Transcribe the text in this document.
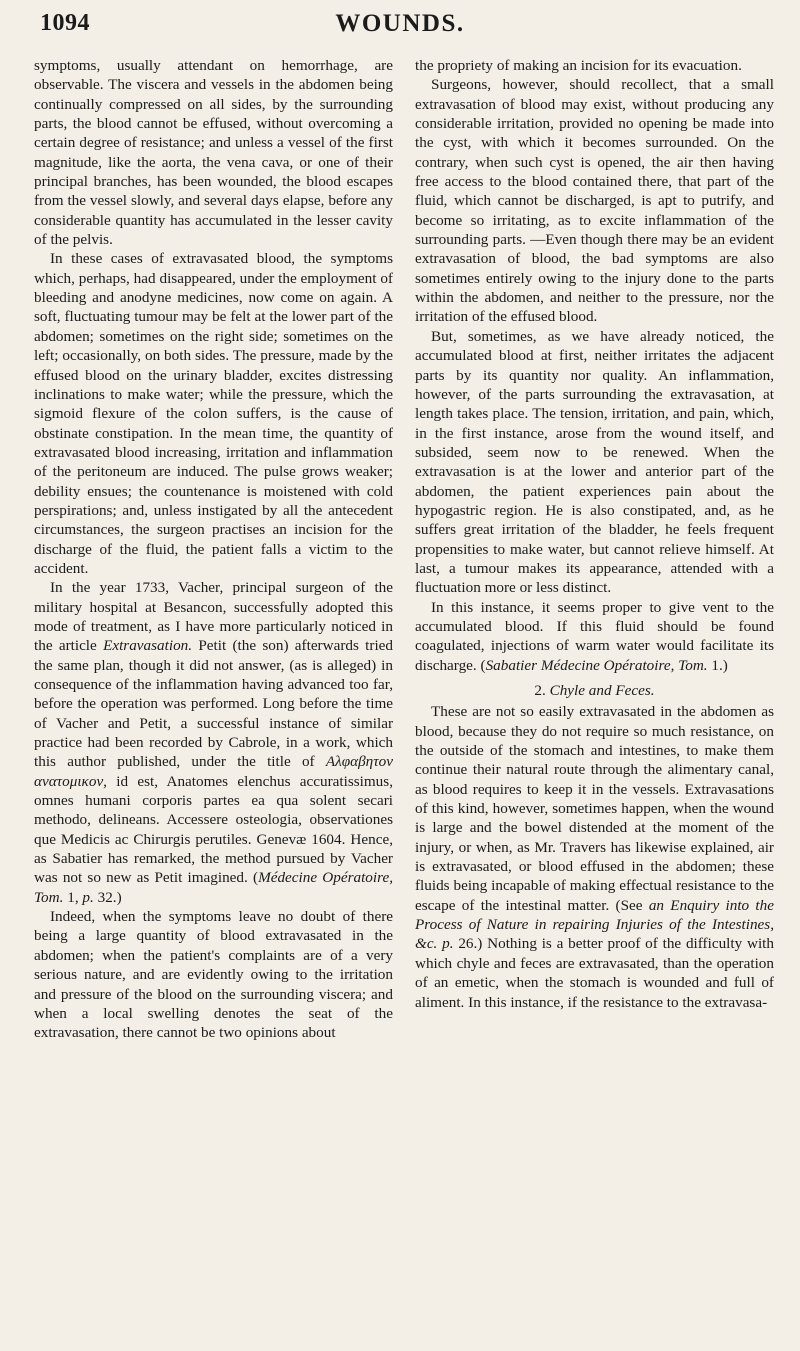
1094	WOUNDS.

symptoms, usually attendant on hemorrhage, are observable. The viscera and vessels in the abdomen being continually compressed on all sides, by the surrounding parts, the blood cannot be effused, without overcoming a certain degree of resistance; and unless a vessel of the first magnitude, like the aorta, the vena cava, or one of their principal branches, has been wounded, the blood escapes from the vessel slowly, and several days elapse, before any considerable quantity has accumulated in the lesser cavity of the pelvis.

In these cases of extravasated blood, the symptoms which, perhaps, had disappeared, under the employment of bleeding and anodyne medicines, now come on again. A soft, fluctuating tumour may be felt at the lower part of the abdomen; sometimes on the right side; sometimes on the left; occasionally, on both sides. The pressure, made by the effused blood on the urinary bladder, excites distressing inclinations to make water; while the pressure, which the sigmoid flexure of the colon suffers, is the cause of obstinate constipation. In the mean time, the quantity of extravasated blood increasing, irritation and inflammation of the peritoneum are induced. The pulse grows weaker; debility ensues; the countenance is moistened with cold perspirations; and, unless instigated by all the antecedent circumstances, the surgeon practises an incision for the discharge of the fluid, the patient falls a victim to the accident.

In the year 1733, Vacher, principal surgeon of the military hospital at Besancon, successfully adopted this mode of treatment, as I have more particularly noticed in the article Extravasation. Petit (the son) afterwards tried the same plan, though it did not answer, (as is alleged) in consequence of the inflammation having advanced too far, before the operation was performed. Long before the time of Vacher and Petit, a successful instance of similar practice had been recorded by Cabrole, in a work, which this author published, under the title of Αλφαβητον ανατομικον, id est, Anatomes elenchus accuratissimus, omnes humani corporis partes ea qua solent secari methodo, delineans. Accessere osteologia, observationes que Medicis ac Chirurgis perutiles. Genevæ 1604. Hence, as Sabatier has remarked, the method pursued by Vacher was not so new as Petit imagined. (Médecine Opératoire, Tom. 1, p. 32.)

Indeed, when the symptoms leave no doubt of there being a large quantity of blood extravasated in the abdomen; when the patient's complaints are of a very serious nature, and are evidently owing to the irritation and pressure of the blood on the surrounding viscera; and when a local swelling denotes the seat of the extravasation, there cannot be two opinions about

the propriety of making an incision for its evacuation.

Surgeons, however, should recollect, that a small extravasation of blood may exist, without producing any considerable irritation, provided no opening be made into the cyst, with which it becomes surrounded. On the contrary, when such cyst is opened, the air then having free access to the blood contained there, that part of the fluid, which cannot be discharged, is apt to putrify, and become so irritating, as to excite inflammation of the surrounding parts. —Even though there may be an evident extravasation of blood, the bad symptoms are also sometimes entirely owing to the injury done to the parts within the abdomen, and neither to the pressure, nor the irritation of the effused blood.

But, sometimes, as we have already noticed, the accumulated blood at first, neither irritates the adjacent parts by its quantity nor quality. An inflammation, however, of the parts surrounding the extravasation, at length takes place. The tension, irritation, and pain, which, in the first instance, arose from the wound itself, and subsided, seem now to be renewed. When the extravasation is at the lower and anterior part of the abdomen, the patient experiences pain about the hypogastric region. He is also constipated, and, as he suffers great irritation of the bladder, he feels frequent propensities to make water, but cannot relieve himself. At last, a tumour makes its appearance, attended with a fluctuation more or less distinct.

In this instance, it seems proper to give vent to the accumulated blood. If this fluid should be found coagulated, injections of warm water would facilitate its discharge. (Sabatier Médecine Opératoire, Tom. 1.)

2. Chyle and Feces.

These are not so easily extravasated in the abdomen as blood, because they do not require so much resistance, on the outside of the stomach and intestines, to make them continue their natural route through the alimentary canal, as blood requires to keep it in the vessels. Extravasations of this kind, however, sometimes happen, when the wound is large and the bowel distended at the moment of the injury, or when, as Mr. Travers has likewise explained, air is extravasated, or blood effused in the abdomen; these fluids being incapable of making effectual resistance to the escape of the intestinal matter. (See an Enquiry into the Process of Nature in repairing Injuries of the Intestines, &c. p. 26.) Nothing is a better proof of the difficulty with which chyle and feces are extravasated, than the operation of an emetic, when the stomach is wounded and full of aliment. In this instance, if the resistance to the extravasa-
